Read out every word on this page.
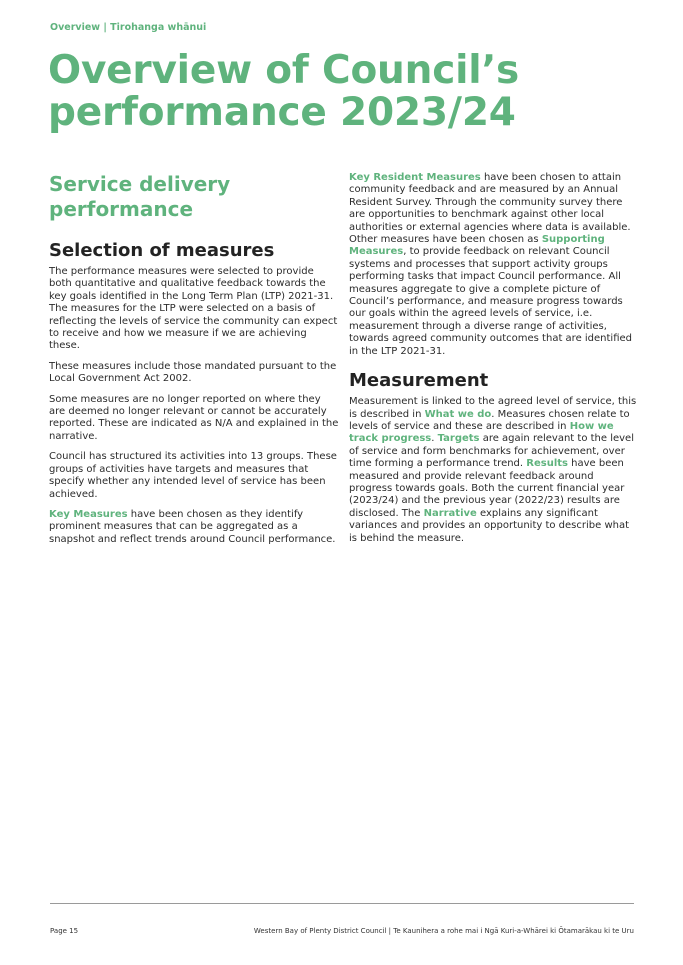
Overview | Tirohanga whānui
Overview of Council’s performance 2023/24
Service delivery performance
Selection of measures

The performance measures were selected to provide both quantitative and qualitative feedback towards the key goals identified in the Long Term Plan (LTP) 2021-31. The measures for the LTP were selected on a basis of reflecting the levels of service the community can expect to receive and how we measure if we are achieving these.

These measures include those mandated pursuant to the Local Government Act 2002.

Some measures are no longer reported on where they are deemed no longer relevant or cannot be accurately reported. These are indicated as N/A and explained in the narrative.

Council has structured its activities into 13 groups. These groups of activities have targets and measures that specify whether any intended level of service has been achieved.

Key Measures have been chosen as they identify prominent measures that can be aggregated as a snapshot and reflect trends around Council performance.

Key Resident Measures have been chosen to attain community feedback and are measured by an Annual Resident Survey. Through the community survey there are opportunities to benchmark against other local authorities or external agencies where data is available. Other measures have been chosen as Supporting Measures, to provide feedback on relevant Council systems and processes that support activity groups performing tasks that impact Council performance. All measures aggregate to give a complete picture of Council’s performance, and measure progress towards our goals within the agreed levels of service, i.e. measurement through a diverse range of activities, towards agreed community outcomes that are identified in the LTP 2021-31.

Measurement

Measurement is linked to the agreed level of service, this is described in What we do. Measures chosen relate to levels of service and these are described in How we track progress. Targets are again relevant to the level of service and form benchmarks for achievement, over time forming a performance trend. Results have been measured and provide relevant feedback around progress towards goals. Both the current financial year (2023/24) and the previous year (2022/23) results are disclosed. The Narrative explains any significant variances and provides an opportunity to describe what is behind the measure.

Page 15	Western Bay of Plenty District Council | Te Kaunihera a rohe mai i Ngā Kuri-a-Whārei ki Ōtamarākau ki te Uru
